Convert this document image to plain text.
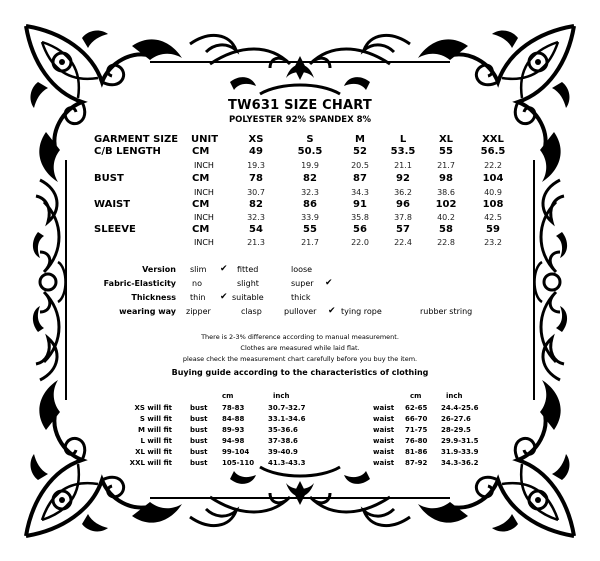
TW631 SIZE CHART
POLYESTER 92% SPANDEX 8%
GARMENT SIZE UNIT	XS	S	M	L	XL	XXL
C/B LENGTH	CM	49	50.5	52	53.5	55	56.5
INCH	19.3	19.9	20.5	21.1	21.7	22.2
BUST	CM	78	82	87	92	98	104
INCH	30.7	32.3	34.3	36.2	38.6	40.9
WAIST	CM	82	86	91	96	102	108
INCH	32.3	33.9	35.8	37.8	40.2	42.5
SLEEVE	CM	54	55	56	57	58	59
INCH	21.3	21.7	22.0	22.4	22.8	23.2
Version slim ✔ fitted	loose
Fabric-Elasticity no	slight	super ✔
Thickness thin ✔ suitable	thick
wearing way zipper	clasp	pullover ✔ tying rope	rubber string
There is 2-3% difference according to manual measurement.
Clothes are measured while laid flat.
please check the measurement chart carefully before you buy the item.
Buying guide according to the characteristics of clothing
cm	inch	cm	inch
XS will fit	bust 78-83	30.7-32.7	waist 62-65 24.4-25.6
S will fit	bust 84-88	33.1-34.6	waist 66-70 26-27.6
M will fit	bust 89-93	35-36.6	waist 71-75 28-29.5
L will fit	bust 94-98	37-38.6	waist 76-80 29.9-31.5
XL will fit	bust 99-104	39-40.9	waist 81-86 31.9-33.9
XXL will fit	bust 105-110 41.3-43.3	waist 87-92 34.3-36.2
